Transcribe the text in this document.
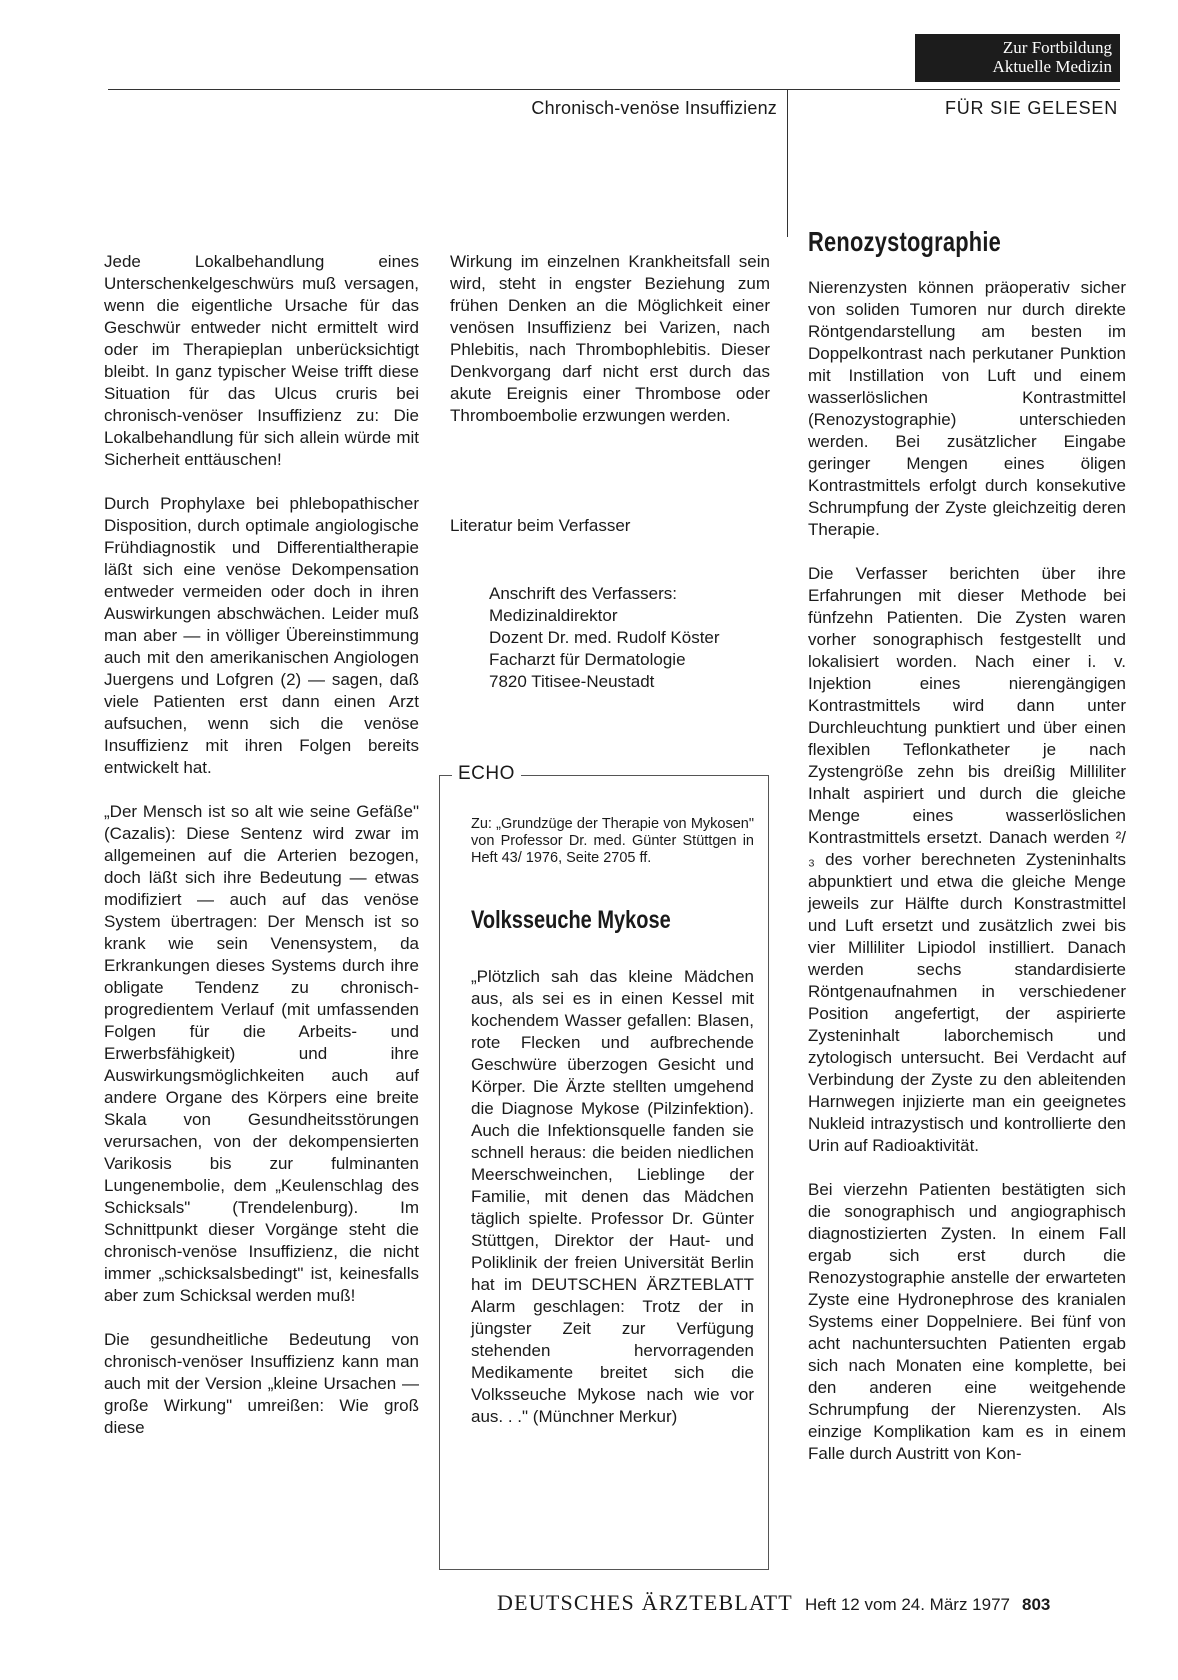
Zur Fortbildung
Aktuelle Medizin
Chronisch-venöse Insuffizienz	FÜR SIE GELESEN

Jede Lokalbehandlung eines Unterschenkelgeschwürs muß versagen, wenn die eigentliche Ursache für das Geschwür entweder nicht ermittelt wird oder im Therapieplan unberücksichtigt bleibt. In ganz typischer Weise trifft diese Situation für das Ulcus cruris bei chronisch-venöser Insuffizienz zu: Die Lokalbehandlung für sich allein würde mit Sicherheit enttäuschen!

Durch Prophylaxe bei phlebopathischer Disposition, durch optimale angiologische Frühdiagnostik und Differentialtherapie läßt sich eine venöse Dekompensation entweder vermeiden oder doch in ihren Auswirkungen abschwächen. Leider muß man aber — in völliger Übereinstimmung auch mit den amerikanischen Angiologen Juergens und Lofgren (2) — sagen, daß viele Patienten erst dann einen Arzt aufsuchen, wenn sich die venöse Insuffizienz mit ihren Folgen bereits entwickelt hat.

„Der Mensch ist so alt wie seine Gefäße" (Cazalis): Diese Sentenz wird zwar im allgemeinen auf die Arterien bezogen, doch läßt sich ihre Bedeutung — etwas modifiziert — auch auf das venöse System übertragen: Der Mensch ist so krank wie sein Venensystem, da Erkrankungen dieses Systems durch ihre obligate Tendenz zu chronisch-progredientem Verlauf (mit umfassenden Folgen für die Arbeits- und Erwerbsfähigkeit) und ihre Auswirkungsmöglichkeiten auch auf andere Organe des Körpers eine breite Skala von Gesundheitsstörungen verursachen, von der dekompensierten Varikosis bis zur fulminanten Lungenembolie, dem „Keulenschlag des Schicksals" (Trendelenburg). Im Schnittpunkt dieser Vorgänge steht die chronisch-venöse Insuffizienz, die nicht immer „schicksalsbedingt" ist, keinesfalls aber zum Schicksal werden muß!

Die gesundheitliche Bedeutung von chronisch-venöser Insuffizienz kann man auch mit der Version „kleine Ursachen — große Wirkung" umreißen: Wie groß diese

Wirkung im einzelnen Krankheitsfall sein wird, steht in engster Beziehung zum frühen Denken an die Möglichkeit einer venösen Insuffizienz bei Varizen, nach Phlebitis, nach Thrombophlebitis. Dieser Denkvorgang darf nicht erst durch das akute Ereignis einer Thrombose oder Thromboembolie erzwungen werden.

Literatur beim Verfasser
Anschrift des Verfassers:
Medizinaldirektor
Dozent Dr. med. Rudolf Köster
Facharzt für Dermatologie
7820 Titisee-Neustadt
ECHO
Zu: „Grundzüge der Therapie von Mykosen" von Professor Dr. med. Günter Stüttgen in Heft 43/ 1976, Seite 2705 ff.
Volksseuche Mykose
„Plötzlich sah das kleine Mädchen aus, als sei es in einen Kessel mit kochendem Wasser gefallen: Blasen, rote Flecken und aufbrechende Geschwüre überzogen Gesicht und Körper. Die Ärzte stellten umgehend die Diagnose Mykose (Pilzinfektion). Auch die Infektionsquelle fanden sie schnell heraus: die beiden niedlichen Meerschweinchen, Lieblinge der Familie, mit denen das Mädchen täglich spielte. Professor Dr. Günter Stüttgen, Direktor der Haut- und Poliklinik der freien Universität Berlin hat im DEUTSCHEN ÄRZTEBLATT Alarm geschlagen: Trotz der in jüngster Zeit zur Verfügung stehenden hervorragenden Medikamente breitet sich die Volksseuche Mykose nach wie vor aus. . ." (Münchner Merkur)
Renozystographie

Nierenzysten können präoperativ sicher von soliden Tumoren nur durch direkte Röntgendarstellung am besten im Doppelkontrast nach perkutaner Punktion mit Instillation von Luft und einem wasserlöslichen Kontrastmittel (Renozystographie) unterschieden werden. Bei zusätzlicher Eingabe geringer Mengen eines öligen Kontrastmittels erfolgt durch konsekutive Schrumpfung der Zyste gleichzeitig deren Therapie.

Die Verfasser berichten über ihre Erfahrungen mit dieser Methode bei fünfzehn Patienten. Die Zysten waren vorher sonographisch festgestellt und lokalisiert worden. Nach einer i. v. Injektion eines nierengängigen Kontrastmittels wird dann unter Durchleuchtung punktiert und über einen flexiblen Teflonkatheter je nach Zystengröße zehn bis dreißig Milliliter Inhalt aspiriert und durch die gleiche Menge eines wasserlöslichen Kontrastmittels ersetzt. Danach werden ²/₃ des vorher berechneten Zysteninhalts abpunktiert und etwa die gleiche Menge jeweils zur Hälfte durch Konstrastmittel und Luft ersetzt und zusätzlich zwei bis vier Milliliter Lipiodol instilliert. Danach werden sechs standardisierte Röntgenaufnahmen in verschiedener Position angefertigt, der aspirierte Zysteninhalt laborchemisch und zytologisch untersucht. Bei Verdacht auf Verbindung der Zyste zu den ableitenden Harnwegen injizierte man ein geeignetes Nukleid intrazystisch und kontrollierte den Urin auf Radioaktivität.

Bei vierzehn Patienten bestätigten sich die sonographisch und angiographisch diagnostizierten Zysten. In einem Fall ergab sich erst durch die Renozystographie anstelle der erwarteten Zyste eine Hydronephrose des kranialen Systems einer Doppelniere. Bei fünf von acht nachuntersuchten Patienten ergab sich nach Monaten eine komplette, bei den anderen eine weitgehende Schrumpfung der Nierenzysten. Als einzige Komplikation kam es in einem Falle durch Austritt von Kon-

DEUTSCHES ÄRZTEBLATT Heft 12 vom 24. März 1977 803
